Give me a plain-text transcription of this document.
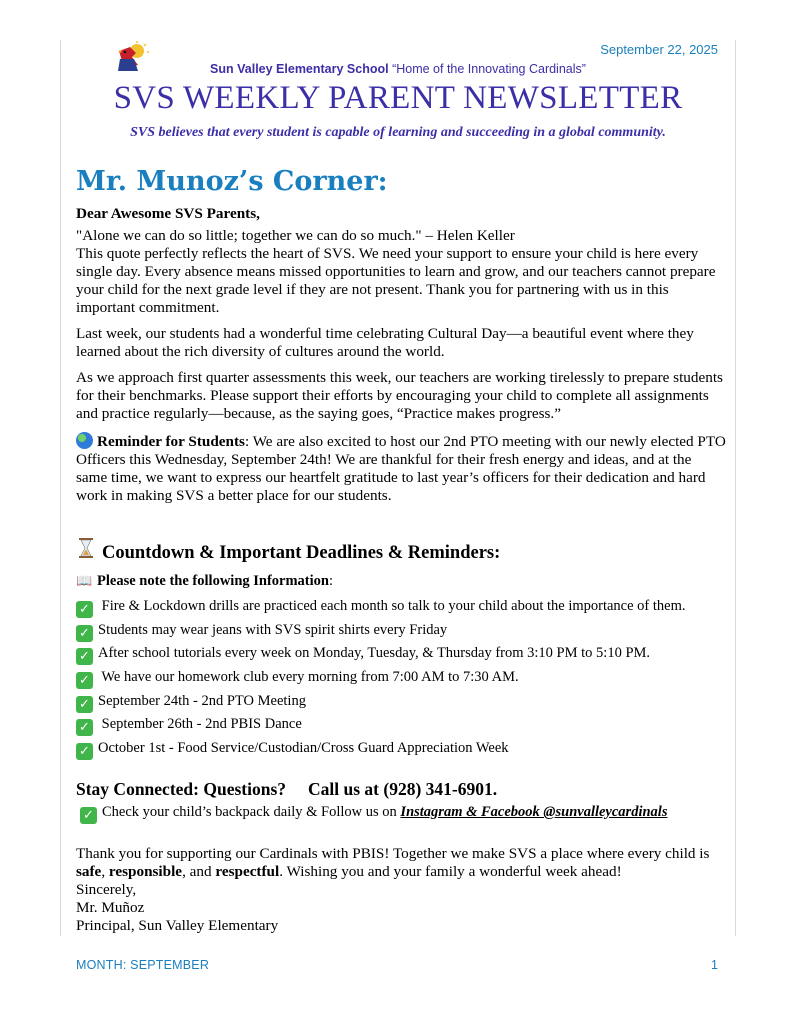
September 22, 2025
Sun Valley Elementary School “Home of the Innovating Cardinals”
SVS WEEKLY PARENT NEWSLETTER
SVS believes that every student is capable of learning and succeeding in a global community.
Mr. Munoz’s Corner:
Dear Awesome SVS Parents,
"Alone we can do so little; together we can do so much." – Helen Keller
This quote perfectly reflects the heart of SVS. We need your support to ensure your child is here every single day. Every absence means missed opportunities to learn and grow, and our teachers cannot prepare your child for the next grade level if they are not present. Thank you for partnering with us in this important commitment.
Last week, our students had a wonderful time celebrating Cultural Day—a beautiful event where they learned about the rich diversity of cultures around the world.
As we approach first quarter assessments this week, our teachers are working tirelessly to prepare students for their benchmarks. Please support their efforts by encouraging your child to complete all assignments and practice regularly—because, as the saying goes, “Practice makes progress.”
Reminder for Students: We are also excited to host our 2nd PTO meeting with our newly elected PTO Officers this Wednesday, September 24th! We are thankful for their fresh energy and ideas, and at the same time, we want to express our heartfelt gratitude to last year’s officers for their dedication and hard work in making SVS a better place for our students.
Countdown & Important Deadlines & Reminders:
📖 Please note the following Information:
✓ Fire & Lockdown drills are practiced each month so talk to your child about the importance of them.
✓ Students may wear jeans with SVS spirit shirts every Friday
✓ After school tutorials every week on Monday, Tuesday, & Thursday from 3:10 PM to 5:10 PM.
✓ We have our homework club every morning from 7:00 AM to 7:30 AM.
✓ September 24th - 2nd PTO Meeting
✓ September 26th - 2nd PBIS Dance
✓ October 1st - Food Service/Custodian/Cross Guard Appreciation Week
Stay Connected: Questions? Call us at (928) 341-6901.
✓ Check your child’s backpack daily & Follow us on Instagram & Facebook @sunvalleycardinals
Thank you for supporting our Cardinals with PBIS! Together we make SVS a place where every child is safe, responsible, and respectful. Wishing you and your family a wonderful week ahead!
Sincerely,
Mr. Muñoz
Principal, Sun Valley Elementary
MONTH: SEPTEMBER	1
